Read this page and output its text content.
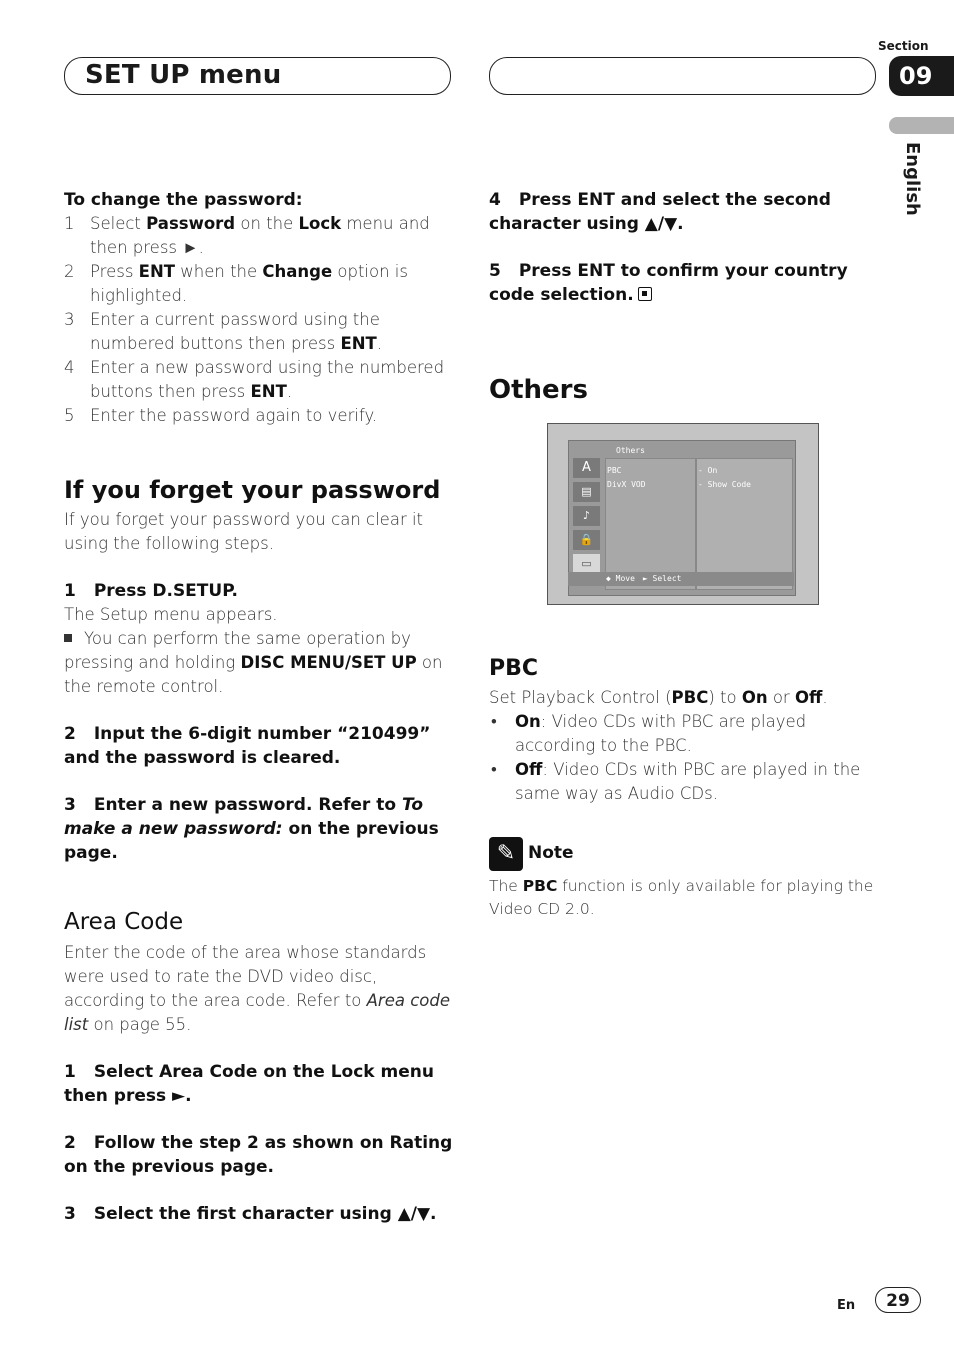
SET UP menu
Section
09
English
To change the password:
1 Select Password on the Lock menu and then press ►.
2 Press ENT when the Change option is highlighted.
3 Enter a current password using the numbered buttons then press ENT.
4 Enter a new password using the numbered buttons then press ENT.
5 Enter the password again to verify.
If you forget your password
If you forget your password you can clear it using the following steps.
1 Press D.SETUP.
The Setup menu appears.
You can perform the same operation by pressing and holding DISC MENU/SET UP on the remote control.
2 Input the 6-digit number “210499” and the password is cleared.
3 Enter a new password. Refer to To make a new password: on the previous page.
Area Code
Enter the code of the area whose standards were used to rate the DVD video disc, according to the area code. Refer to Area code list on page 55.
1 Select Area Code on the Lock menu then press ►.
2 Follow the step 2 as shown on Rating on the previous page.
3 Select the first character using ▲/▼.
4 Press ENT and select the second character using ▲/▼.
5 Press ENT to confirm your country code selection.
Others
Others
A
▤
♪
🔒
▭
PBC
DivX VOD
- On
- Show Code
◆ Move ► Select
PBC
Set Playback Control (PBC) to On or Off.
• On: Video CDs with PBC are played according to the PBC.
• Off: Video CDs with PBC are played in the same way as Audio CDs.
✎ Note
The PBC function is only available for playing the Video CD 2.0.
En	29
